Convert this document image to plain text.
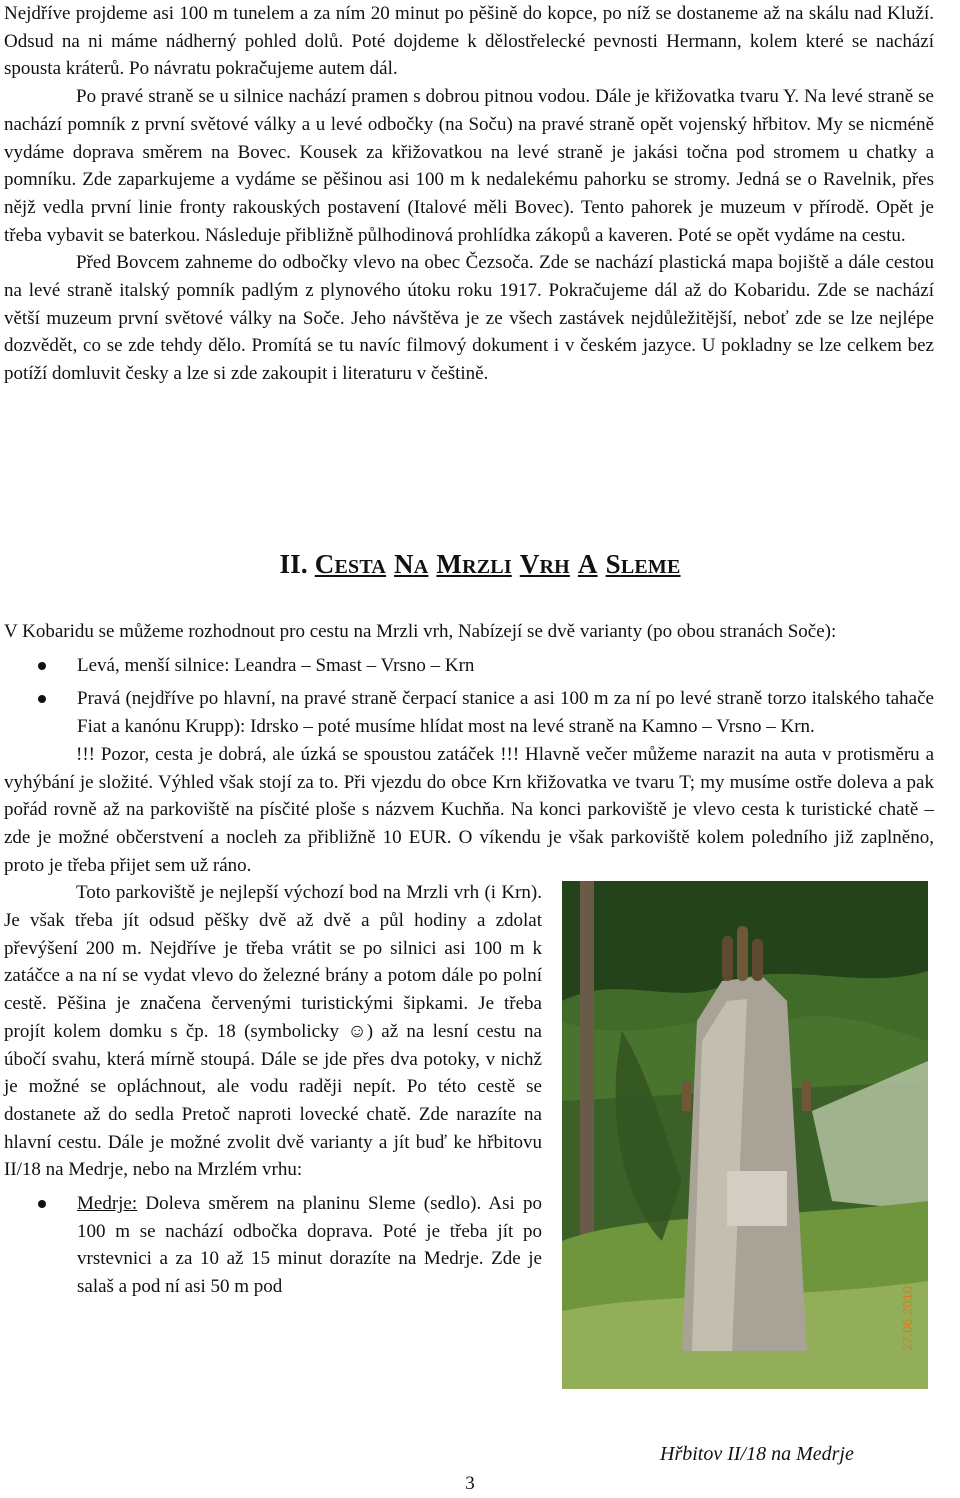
Nejdříve projdeme asi 100 m tunelem a za ním 20 minut po pěšině do kopce, po níž se dostaneme až na skálu nad Kluží. Odsud na ni máme nádherný pohled dolů. Poté dojdeme k dělostřelecké pevnosti Hermann, kolem které se nachází spousta kráterů. Po návratu pokračujeme autem dál.

Po pravé straně se u silnice nachází pramen s dobrou pitnou vodou. Dále je křižovatka tvaru Y. Na levé straně se nachází pomník z první světové války a u levé odbočky (na Soču) na pravé straně opět vojenský hřbitov. My se nicméně vydáme doprava směrem na Bovec. Kousek za křižovatkou na levé straně je jakási točna pod stromem u chatky a pomníku. Zde zaparkujeme a vydáme se pěšinou asi 100 m k nedalekému pahorku se stromy. Jedná se o Ravelnik, přes nějž vedla první linie fronty rakouských postavení (Italové měli Bovec). Tento pahorek je muzeum v přírodě. Opět je třeba vybavit se baterkou. Následuje přibližně půlhodinová prohlídka zákopů a kaveren. Poté se opět vydáme na cestu.

Před Bovcem zahneme do odbočky vlevo na obec Čezsoča. Zde se nachází plastická mapa bojiště a dále cestou na levé straně italský pomník padlým z plynového útoku roku 1917. Pokračujeme dál až do Kobaridu. Zde se nachází větší muzeum první světové války na Soče. Jeho návštěva je ze všech zastávek nejdůležitější, neboť zde se lze nejlépe dozvědět, co se zde tehdy dělo. Promítá se tu navíc filmový dokument i v českém jazyce. U pokladny se lze celkem bez potíží domluvit česky a lze si zde zakoupit i literaturu v češtině.

II. CESTA NA MRZLI VRH A SLEME

V Kobaridu se můžeme rozhodnout pro cestu na Mrzli vrh, Nabízejí se dvě varianty (po obou stranách Soče):

Levá, menší silnice: Leandra – Smast – Vrsno – Krn
Pravá (nejdříve po hlavní, na pravé straně čerpací stanice a asi 100 m za ní po levé straně torzo italského tahače Fiat a kanónu Krupp): Idrsko – poté musíme hlídat most na levé straně na Kamno – Vrsno – Krn.

!!! Pozor, cesta je dobrá, ale úzká se spoustou zatáček !!! Hlavně večer můžeme narazit na auta v protisměru a vyhýbání je složité. Výhled však stojí za to. Při vjezdu do obce Krn křižovatka ve tvaru T; my musíme ostře doleva a pak pořád rovně až na parkoviště na písčité ploše s názvem Kuchňa. Na konci parkoviště je vlevo cesta k turistické chatě – zde je možné občerstvení a nocleh za přibližně 10 EUR. O víkendu je však parkoviště kolem poledního již zaplněno, proto je třeba přijet sem už ráno.

27.06.2010

Toto parkoviště je nejlepší výchozí bod na Mrzli vrh (i Krn). Je však třeba jít odsud pěšky dvě až dvě a půl hodiny a zdolat převýšení 200 m. Nejdříve je třeba vrátit se po silnici asi 100 m k zatáčce a na ní se vydat vlevo do železné brány a potom dále po polní cestě. Pěšina je značena červenými turistickými šipkami. Je třeba projít kolem domku s čp. 18 (symbolicky ☺) až na lesní cestu na úbočí svahu, která mírně stoupá. Dále se jde přes dva potoky, v nichž je možné se opláchnout, ale vodu raději nepít. Po této cestě se dostanete až do sedla Pretoč naproti lovecké chatě. Zde narazíte na hlavní cestu. Dále je možné zvolit dvě varianty a jít buď ke hřbitovu II/18 na Medrje, nebo na Mrzlém vrhu:

Medrje: Doleva směrem na planinu Sleme (sedlo). Asi po 100 m se nachází odbočka doprava. Poté je třeba jít po vrstevnici a za 10 až 15 minut dorazíte na Medrje. Zde je salaš a pod ní asi 50 m pod
Hřbitov II/18 na Medrje
3
